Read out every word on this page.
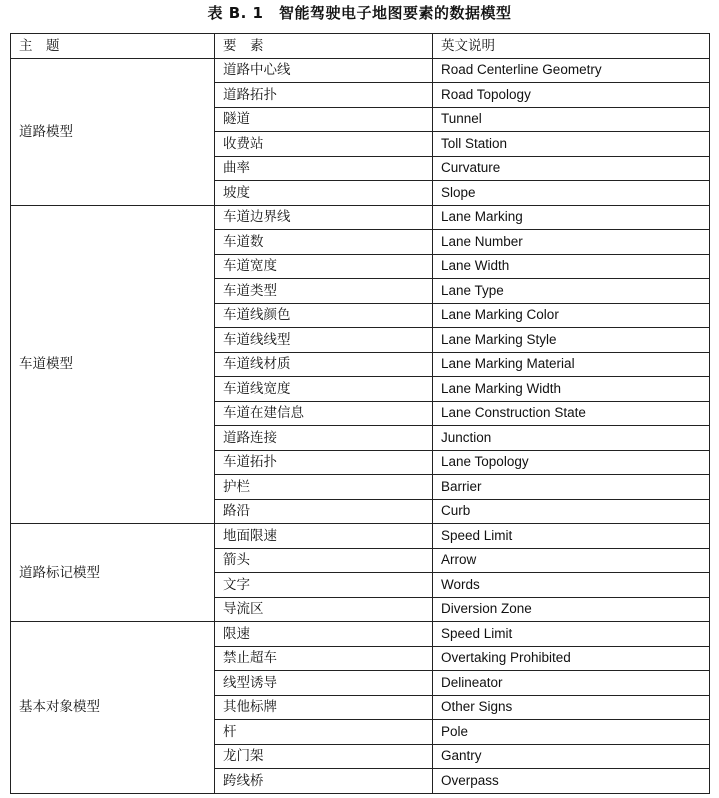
表 B. 1　智能驾驶电子地图要素的数据模型
主　题	要　素	英文说明
道路模型	道路中心线	Road Centerline Geometry
	道路拓扑	Road Topology
	隧道	Tunnel
	收费站	Toll Station
	曲率	Curvature
	坡度	Slope
车道模型	车道边界线	Lane Marking
	车道数	Lane Number
	车道宽度	Lane Width
	车道类型	Lane Type
	车道线颜色	Lane Marking Color
	车道线线型	Lane Marking Style
	车道线材质	Lane Marking Material
	车道线宽度	Lane Marking Width
	车道在建信息	Lane Construction State
	道路连接	Junction
	车道拓扑	Lane Topology
	护栏	Barrier
	路沿	Curb
道路标记模型	地面限速	Speed Limit
	箭头	Arrow
	文字	Words
	导流区	Diversion Zone
基本对象模型	限速	Speed Limit
	禁止超车	Overtaking Prohibited
	线型诱导	Delineator
	其他标牌	Other Signs
	杆	Pole
	龙门架	Gantry
	跨线桥	Overpass
